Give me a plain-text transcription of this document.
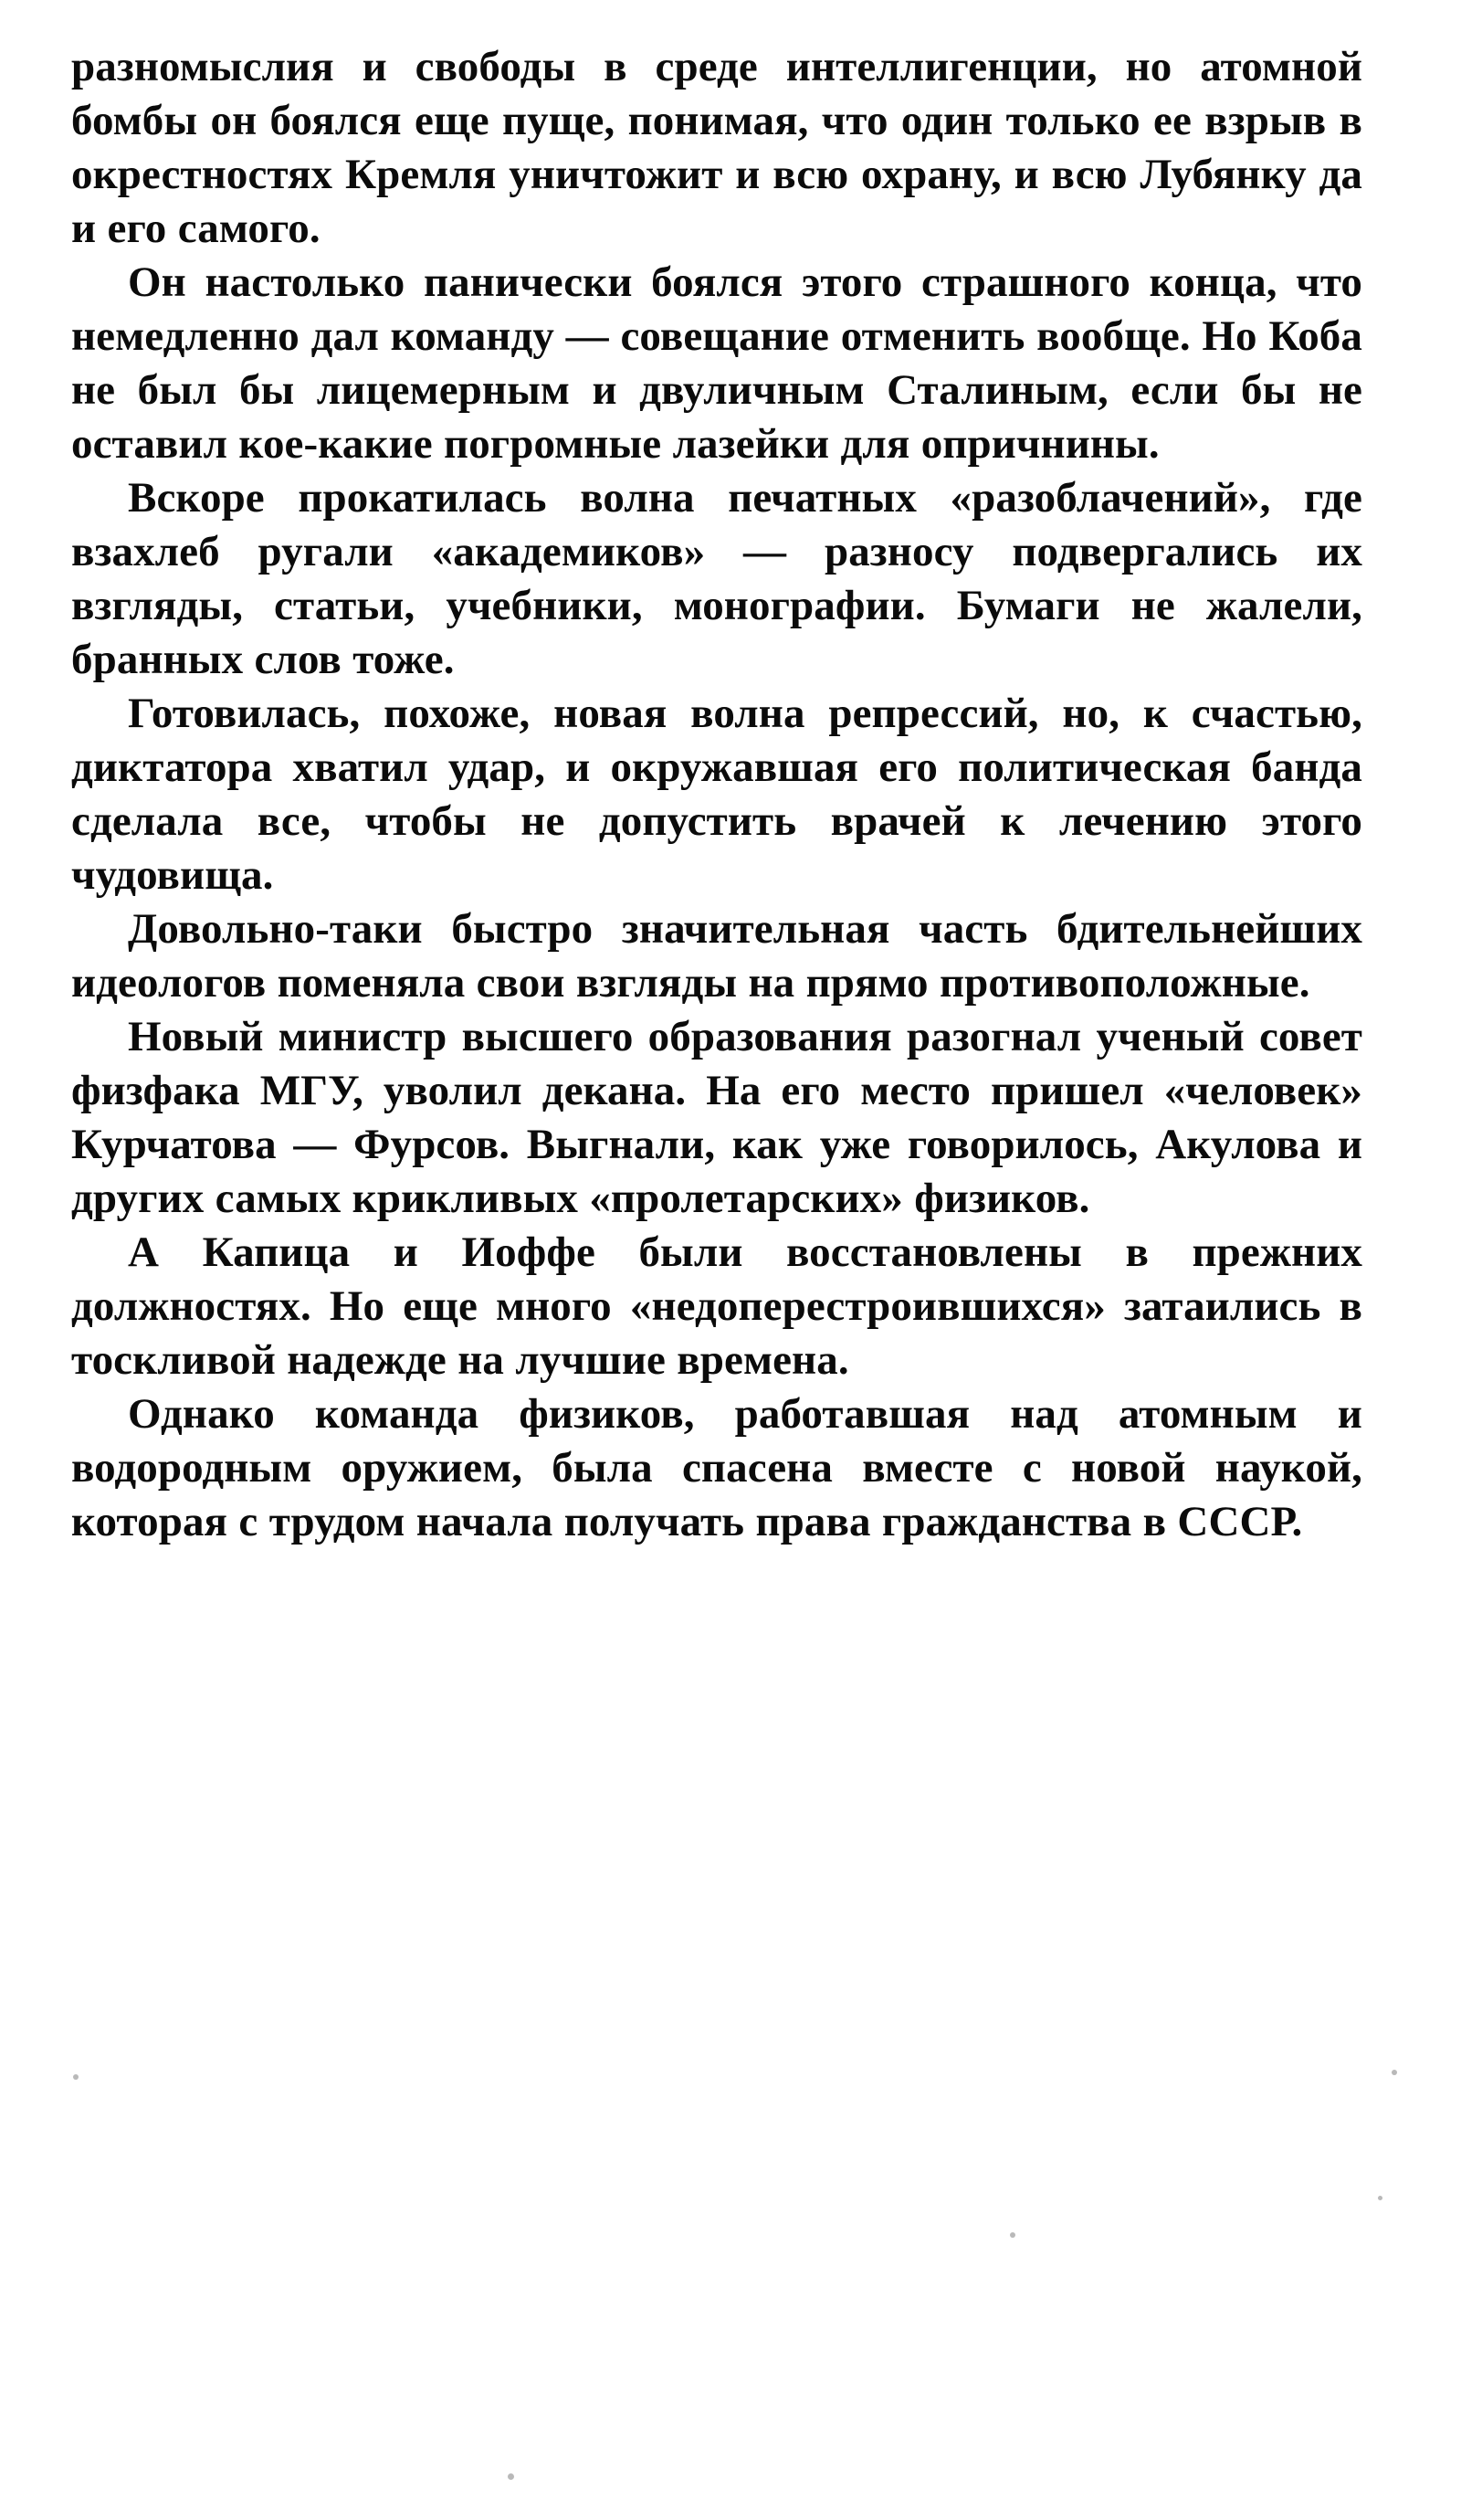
разномыслия и свободы в среде интеллигенции, но атомной бомбы он боялся еще пуще, понимая, что один только ее взрыв в окрестностях Кремля уничтожит и всю охрану, и всю Лубянку да и его самого.

Он настолько панически боялся этого страшного конца, что немедленно дал команду — совещание отменить вообще. Но Коба не был бы лицемерным и двуличным Сталиным, если бы не оставил кое-какие погромные лазейки для опричнины.

Вскоре прокатилась волна печатных «разоблачений», где взахлеб ругали «академиков» — разносу подвергались их взгляды, статьи, учебники, монографии. Бумаги не жалели, бранных слов тоже.

Готовилась, похоже, новая волна репрессий, но, к счастью, диктатора хватил удар, и окружавшая его политическая банда сделала все, чтобы не допустить врачей к лечению этого чудовища.

Довольно-таки быстро значительная часть бдительнейших идеологов поменяла свои взгляды на прямо противоположные.

Новый министр высшего образования разогнал ученый совет физфака МГУ, уволил декана. На его место пришел «человек» Курчатова — Фурсов. Выгнали, как уже говорилось, Акулова и других самых крикливых «пролетарских» физиков.

А Капица и Иоффе были восстановлены в прежних должностях. Но еще много «недоперестроившихся» затаились в тоскливой надежде на лучшие времена.

Однако команда физиков, работавшая над атомным и водородным оружием, была спасена вместе с новой наукой, которая с трудом начала получать права гражданства в СССР.
